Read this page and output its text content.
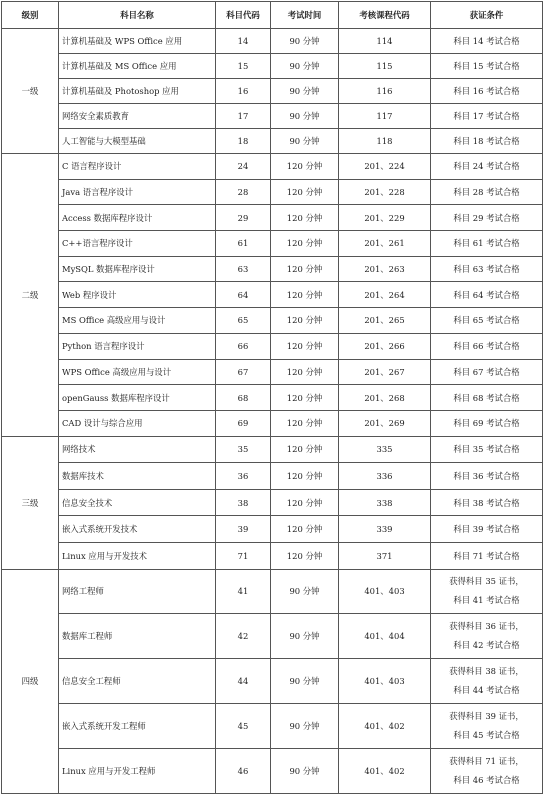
级别	科目名称	科目代码	考试时间	考核课程代码	获证条件
一级	计算机基础及 WPS Office 应用	14	90 分钟	114	科目 14 考试合格

	计算机基础及 MS Office 应用	15	90 分钟	115	科目 15 考试合格

	计算机基础及 Photoshop 应用	16	90 分钟	116	科目 16 考试合格

	网络安全素质教育	17	90 分钟	117	科目 17 考试合格

	人工智能与大模型基础	18	90 分钟	118	科目 18 考试合格

二级	C 语言程序设计	24	120 分钟	201、224	科目 24 考试合格

	Java 语言程序设计	28	120 分钟	201、228	科目 28 考试合格

	Access 数据库程序设计	29	120 分钟	201、229	科目 29 考试合格

	C++语言程序设计	61	120 分钟	201、261	科目 61 考试合格

	MySQL 数据库程序设计	63	120 分钟	201、263	科目 63 考试合格

	Web 程序设计	64	120 分钟	201、264	科目 64 考试合格

	MS Office 高级应用与设计	65	120 分钟	201、265	科目 65 考试合格

	Python 语言程序设计	66	120 分钟	201、266	科目 66 考试合格

	WPS Office 高级应用与设计	67	120 分钟	201、267	科目 67 考试合格

	openGauss 数据库程序设计	68	120 分钟	201、268	科目 68 考试合格

	CAD 设计与综合应用	69	120 分钟	201、269	科目 69 考试合格

三级	网络技术	35	120 分钟	335	科目 35 考试合格

	数据库技术	36	120 分钟	336	科目 36 考试合格

	信息安全技术	38	120 分钟	338	科目 38 考试合格

	嵌入式系统开发技术	39	120 分钟	339	科目 39 考试合格

	Linux 应用与开发技术	71	120 分钟	371	科目 71 考试合格

四级	网络工程师	41	90 分钟	401、403	获得科目 35 证书，
科目 41 考试合格

	数据库工程师	42	90 分钟	401、404	获得科目 36 证书，
科目 42 考试合格

	信息安全工程师	44	90 分钟	401、403	获得科目 38 证书，
科目 44 考试合格

	嵌入式系统开发工程师	45	90 分钟	401、402	获得科目 39 证书，
科目 45 考试合格

	Linux 应用与开发工程师	46	90 分钟	401、402	获得科目 71 证书，
科目 46 考试合格
